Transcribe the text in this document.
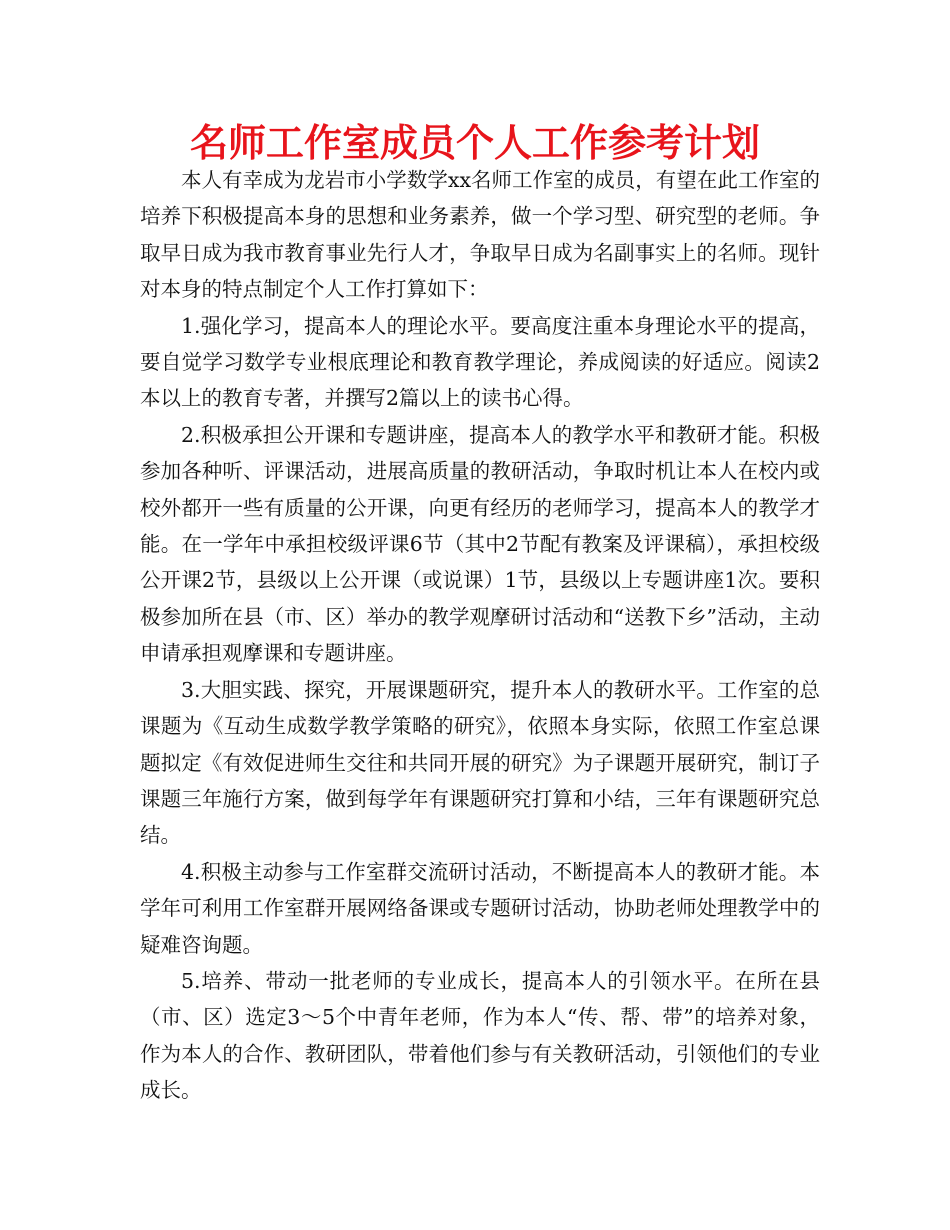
名师工作室成员个人工作参考计划

本人有幸成为龙岩市小学数学xx名师工作室的成员，有望在此工作室的培养下积极提高本身的思想和业务素养，做一个学习型、研究型的老师。争取早日成为我市教育事业先行人才，争取早日成为名副事实上的名师。现针对本身的特点制定个人工作打算如下：

1.强化学习，提高本人的理论水平。要高度注重本身理论水平的提高，要自觉学习数学专业根底理论和教育教学理论，养成阅读的好适应。阅读2本以上的教育专著，并撰写2篇以上的读书心得。

2.积极承担公开课和专题讲座，提高本人的教学水平和教研才能。积极参加各种听、评课活动，进展高质量的教研活动，争取时机让本人在校内或校外都开一些有质量的公开课，向更有经历的老师学习，提高本人的教学才能。在一学年中承担校级评课6节（其中2节配有教案及评课稿），承担校级公开课2节，县级以上公开课（或说课）1节，县级以上专题讲座1次。要积极参加所在县（市、区）举办的教学观摩研讨活动和“送教下乡”活动，主动申请承担观摩课和专题讲座。

3.大胆实践、探究，开展课题研究，提升本人的教研水平。工作室的总课题为《互动生成数学教学策略的研究》，依照本身实际，依照工作室总课题拟定《有效促进师生交往和共同开展的研究》为子课题开展研究，制订子课题三年施行方案，做到每学年有课题研究打算和小结，三年有课题研究总结。

4.积极主动参与工作室群交流研讨活动，不断提高本人的教研才能。本学年可利用工作室群开展网络备课或专题研讨活动，协助老师处理教学中的疑难咨询题。

5.培养、带动一批老师的专业成长，提高本人的引领水平。在所在县（市、区）选定3～5个中青年老师，作为本人“传、帮、带”的培养对象，作为本人的合作、教研团队，带着他们参与有关教研活动，引领他们的专业成长。
